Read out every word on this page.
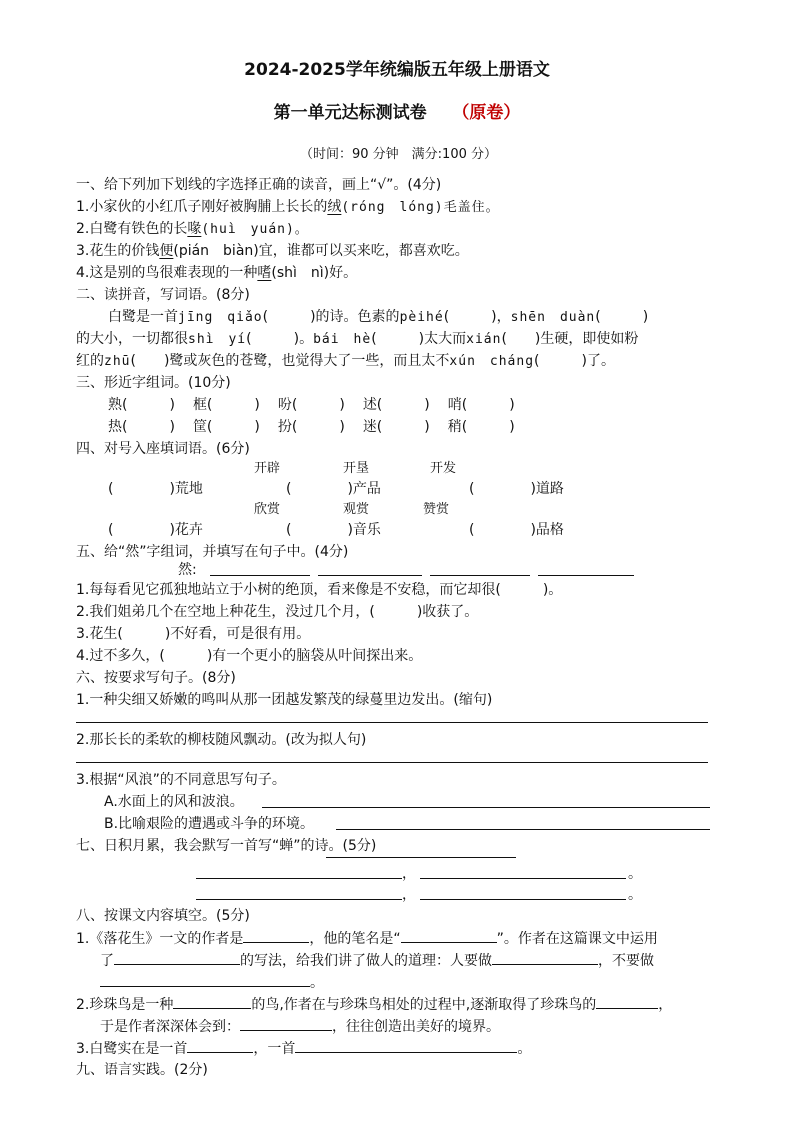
2024-2025学年统编版五年级上册语文
第一单元达标测试卷 （原卷）
（时间：90 分钟　满分:100 分）
一、给下列加下划线的字选择正确的读音，画上“√”。(4分)
1.小家伙的小红爪子刚好被胸脯上长长的绒(róng　lóng)毛盖住。
2.白鹭有铁色的长喙(huì　yuán)。
3.花生的价钱便(pián　biàn)宜，谁都可以买来吃，都喜欢吃。
4.这是别的鸟很难表现的一种嗜(shì　nì)好。
二、读拼音，写词语。(8分)
白鹭是一首jīng　qiǎo(　　　)的诗。色素的pèihé(　　　)，shēn　duàn(　　　)
的大小，一切都很shì　yí(　　　)。bái　hè(　　　)太大而xián(　　)生硬，即使如粉
红的zhū(　　)鹭或灰色的苍鹭，也觉得大了一些，而且太不xún　cháng(　　　)了。
三、形近字组词。(10分)
熟(　　　) 框(　　　) 吩(　　　) 述(　　　) 哨(　　　)
热(　　　) 筐(　　　) 扮(　　　) 迷(　　　) 稍(　　　)
四、对号入座填词语。(6分)
开辟	开垦	开发
(　　　　)荒地	(　　　　)产品	(　　　　)道路
欣赏	观赏	赞赏
(　　　　)花卉	(　　　　)音乐	(　　　　)品格
五、给“然”字组词，并填写在句子中。(4分)
然:
1.每每看见它孤独地站立于小树的绝顶，看来像是不安稳，而它却很(　　　)。
2.我们姐弟几个在空地上种花生，没过几个月，(　　　)收获了。
3.花生(　　　)不好看，可是很有用。
4.过不多久，(　　　)有一个更小的脑袋从叶间探出来。
六、按要求写句子。(8分)
1.一种尖细又娇嫩的鸣叫从那一团越发繁茂的绿蔓里边发出。(缩句)
2.那长长的柔软的柳枝随风飘动。(改为拟人句)
3.根据“风浪”的不同意思写句子。
A.水面上的风和波浪。
B.比喻艰险的遭遇或斗争的环境。
七、日积月累，我会默写一首写“蝉”的诗。(5分)
，	。
，	。
八、按课文内容填空。(5分)
1.《落花生》一文的作者是	，他的笔名是“	”。作者在这篇课文中运用
了	的写法，给我们讲了做人的道理：人要做	，不要做
。
2.珍珠鸟是一种	的鸟,作者在与珍珠鸟相处的过程中,逐渐取得了珍珠鸟的	，
于是作者深深体会到：	，往往创造出美好的境界。
3.白鹭实在是一首	，一首	。
九、语言实践。(2分)
